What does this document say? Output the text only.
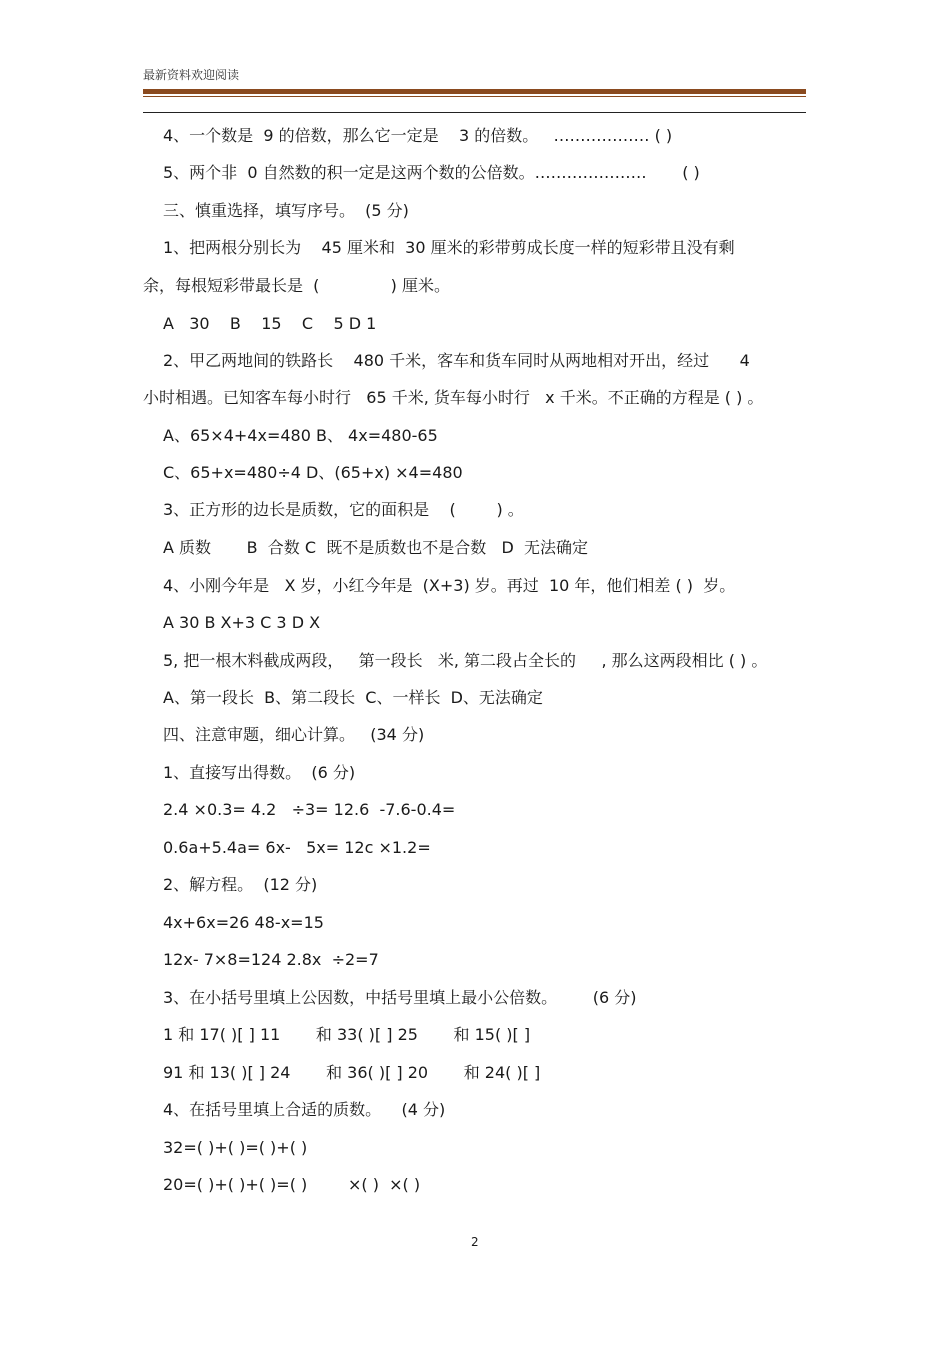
最新资料欢迎阅读
4、一个数是  9 的倍数，那么它一定是    3 的倍数。   ……………… ( )
5、两个非  0 自然数的积一定是这两个数的公倍数。…………………       ( )
三、慎重选择，填写序号。  (5 分)
1、把两根分别长为    45 厘米和  30 厘米的彩带剪成长度一样的短彩带且没有剩
余，每根短彩带最长是  (              ) 厘米。
A   30    B    15    C    5 D 1
2、甲乙两地间的铁路长    480 千米，客车和货车同时从两地相对开出，经过      4
小时相遇。已知客车每小时行   65 千米, 货车每小时行   x 千米。不正确的方程是 ( ) 。
A、65×4+4x=480 B、 4x=480-65
C、65+x=480÷4 D、(65+x) ×4=480
3、正方形的边长是质数，它的面积是    (        ) 。
A 质数       B  合数 C  既不是质数也不是合数   D  无法确定
4、小刚今年是   X 岁，小红今年是  (X+3) 岁。再过  10 年，他们相差 ( )  岁。
A 30 B X+3 C 3 D X
5, 把一根木料截成两段，   第一段长   米, 第二段占全长的     , 那么这两段相比 ( ) 。
A、第一段长  B、第二段长  C、一样长  D、无法确定
四、注意审题，细心计算。   (34 分)
1、直接写出得数。  (6 分)
2.4 ×0.3= 4.2   ÷3= 12.6  -7.6-0.4=
0.6a+5.4a= 6x-   5x= 12c ×1.2=
2、解方程。  (12 分)
4x+6x=26 48-x=15
12x- 7×8=124 2.8x  ÷2=7
3、在小括号里填上公因数，中括号里填上最小公倍数。       (6 分)
1 和 17( )[ ] 11       和 33( )[ ] 25       和 15( )[ ]
91 和 13( )[ ] 24       和 36( )[ ] 20       和 24( )[ ]
4、在括号里填上合适的质数。    (4 分)
32=( )+( )=( )+( )
20=( )+( )+( )=( )        ×( )  ×( )
2
